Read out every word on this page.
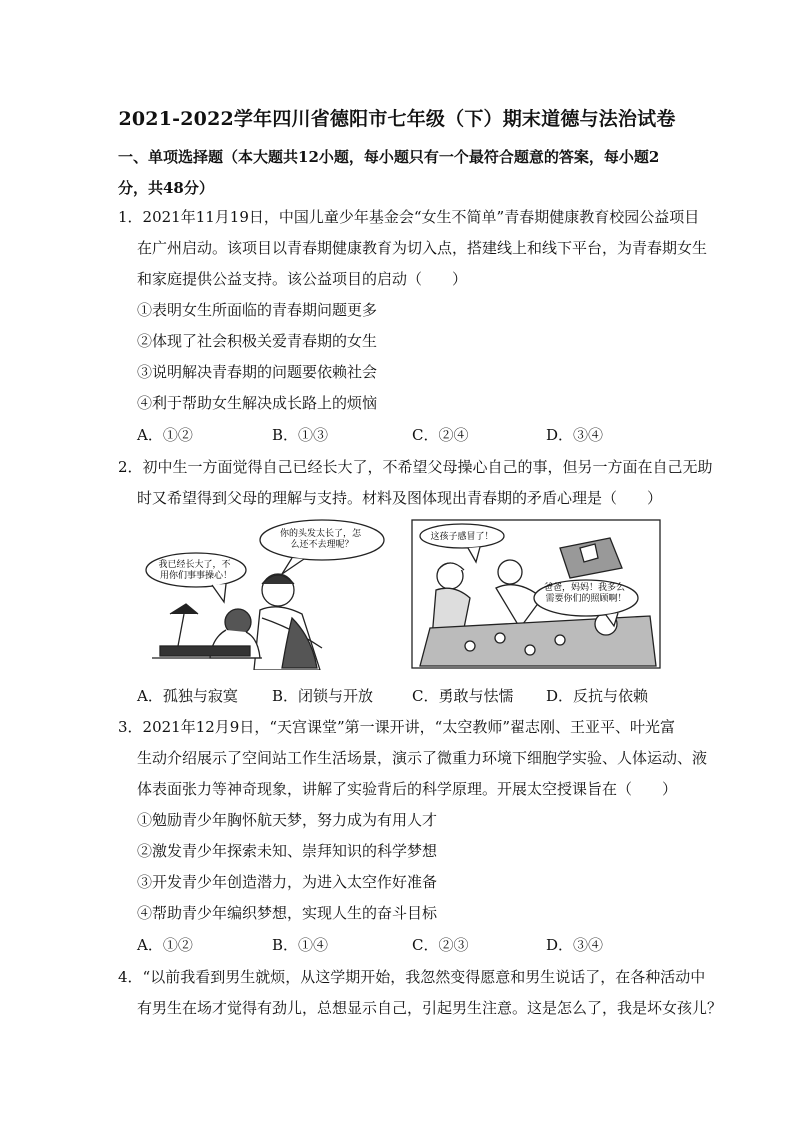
2021-2022学年四川省德阳市七年级（下）期末道德与法治试卷
一、单项选择题（本大题共12小题，每小题只有一个最符合题意的答案，每小题2分，共48分）
1．2021年11月19日，中国儿童少年基金会“女生不简单”青春期健康教育校园公益项目
在广州启动。该项目以青春期健康教育为切入点，搭建线上和线下平台，为青春期女生
和家庭提供公益支持。该公益项目的启动（　　）
①表明女生所面临的青春期问题更多
②体现了社会积极关爱青春期的女生
③说明解决青春期的问题要依赖社会
④利于帮助女生解决成长路上的烦恼
A．①②	B．①③	C．②④	D．③④
2．初中生一方面觉得自己已经长大了，不希望父母操心自己的事，但另一方面在自己无助
时又希望得到父母的理解与支持。材料及图体现出青春期的矛盾心理是（　　）
你的头发太长了，怎 么还不去理呢？
我已经长大了，不 用你们事事操心！
这孩子感冒了！
爸爸，妈妈！我多么 需要你们的照顾啊！
A．孤独与寂寞 B．闭锁与开放	C．勇敢与怯懦 D．反抗与依赖
3．2021年12月9日，“天宫课堂”第一课开讲，“太空教师”翟志刚、王亚平、叶光富
生动介绍展示了空间站工作生活场景，演示了微重力环境下细胞学实验、人体运动、液
体表面张力等神奇现象，讲解了实验背后的科学原理。开展太空授课旨在（　　）
①勉励青少年胸怀航天梦，努力成为有用人才
②激发青少年探索未知、崇拜知识的科学梦想
③开发青少年创造潜力，为进入太空作好准备
④帮助青少年编织梦想，实现人生的奋斗目标
A．①②	B．①④	C．②③	D．③④
4．“以前我看到男生就烦，从这学期开始，我忽然变得愿意和男生说话了，在各种活动中
有男生在场才觉得有劲儿，总想显示自己，引起男生注意。这是怎么了，我是坏女孩儿？
